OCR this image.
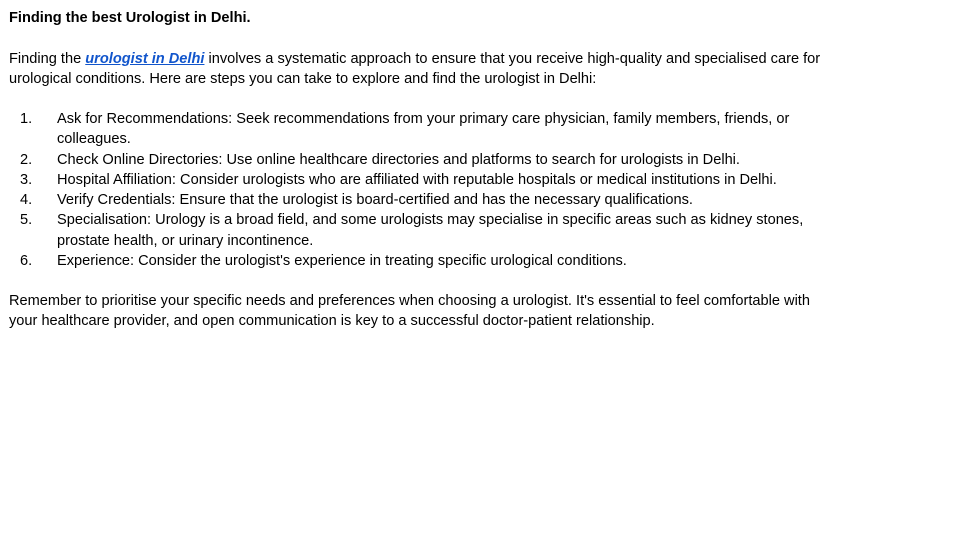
Finding the best Urologist in Delhi.

Finding the urologist in Delhi involves a systematic approach to ensure that you receive high-quality and specialised care for urological conditions. Here are steps you can take to explore and find the urologist in Delhi:

1.	Ask for Recommendations: Seek recommendations from your primary care physician, family members, friends, or colleagues.
2.	Check Online Directories: Use online healthcare directories and platforms to search for urologists in Delhi.
3.	Hospital Affiliation: Consider urologists who are affiliated with reputable hospitals or medical institutions in Delhi.
4.	Verify Credentials: Ensure that the urologist is board-certified and has the necessary qualifications.
5.	Specialisation: Urology is a broad field, and some urologists may specialise in specific areas such as kidney stones, prostate health, or urinary incontinence.
6.	Experience: Consider the urologist's experience in treating specific urological conditions.

Remember to prioritise your specific needs and preferences when choosing a urologist. It's essential to feel comfortable with your healthcare provider, and open communication is key to a successful doctor-patient relationship.
